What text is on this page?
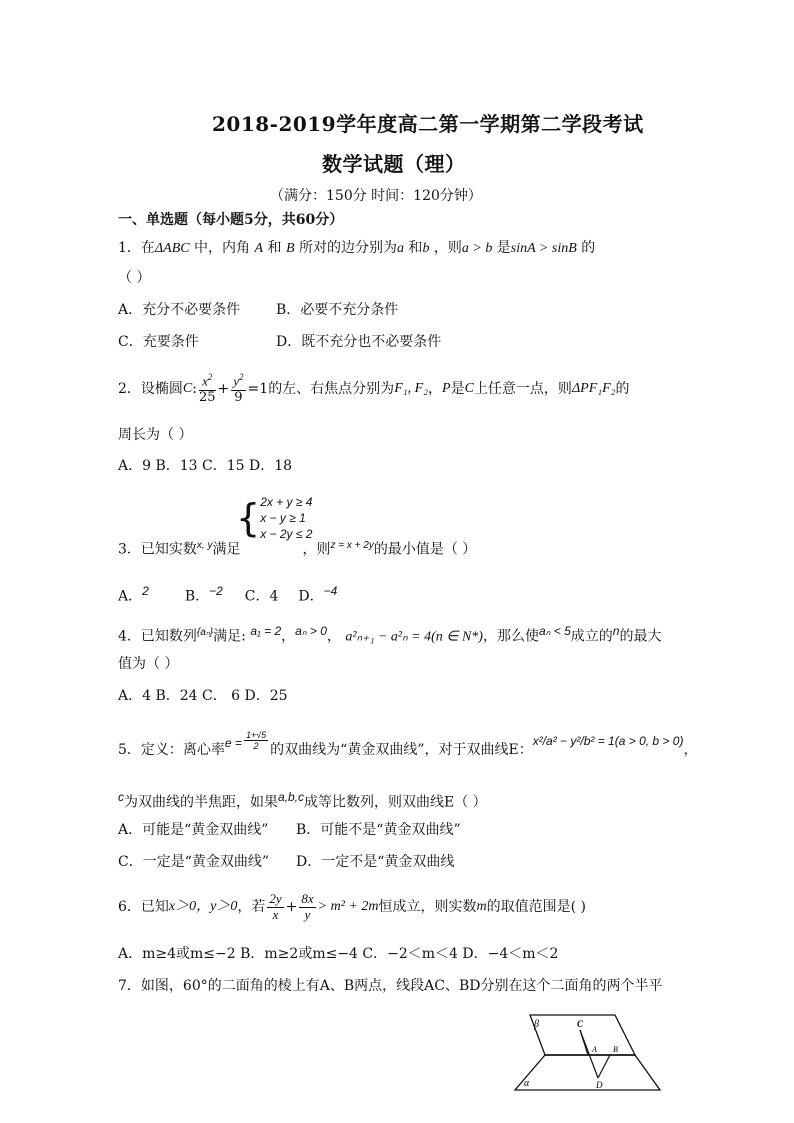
2018-2019学年度高二第一学期第二学段考试
数学试题（理）
（满分：150分 时间：120分钟）
一、单选题（每小题5分，共60分）
1．在ΔABC 中，内角 A 和 B 所对的边分别为a 和b ，则a > b 是sinA > sinB 的
（ ）
A．充分不必要条件	B．必要不充分条件
C．充要条件	D．既不充分也不必要条件
2．设椭圆 C : $\frac{x^2}{25} + \frac{y^2}{9} =1$ 的左、右焦点分别为 F₁, F₂ ， P 是 C 上任意一点，则 ΔPF₁F₂ 的
周长为（ ）
A．9 B．13 C．15 D．18
{ 2x + y ≥ 4
x − y ≥ 1
x − 2y ≤ 2
3．已知实数$^{x, y}$满足	，则$^{z = x + 2y}$的最小值是（ ）
A．$^2$	B．$^{-2}$ C．4 D．$^{-4}$
4．已知数列$^{\{a_n\}}$满足: $^{a_1 = 2}$，$^{a_n > 0}$， a²ₙ₊₁ − a²ₙ = 4(n ∈ N*)，那么使$^{a_n < 5}$成立的$^n$的最大
值为（ ）
A．4 B．24 C． 6 D．25
5．定义：离心率 $e = \frac{1+√5}{2}$ 的双曲线为“黄金双曲线”，对于双曲线E：
x²/a² − y²/b² = 1(a > 0, b > 0)
，
$^c$为双曲线的半焦距，如果$^{a,b,c}$成等比数列，则双曲线E（ ）
A．可能是“黄金双曲线” B．可能不是“黄金双曲线”
C．一定是“黄金双曲线” D．一定不是“黄金双曲线
6．已知 x＞0，y＞0 ，若 $\frac{2y}{x} + \frac{8x}{y} > m^2 + 2m$ 恒成立，则实数 m 的取值范围是( )
A．m≥4或m≤−2 B．m≥2或m≤−4 C．−2＜m＜4 D．−4＜m＜2
7．如图，60°的二面角的棱上有A、B两点，线段AC、BD分别在这个二面角的两个半平
β
α
C
A B
D
